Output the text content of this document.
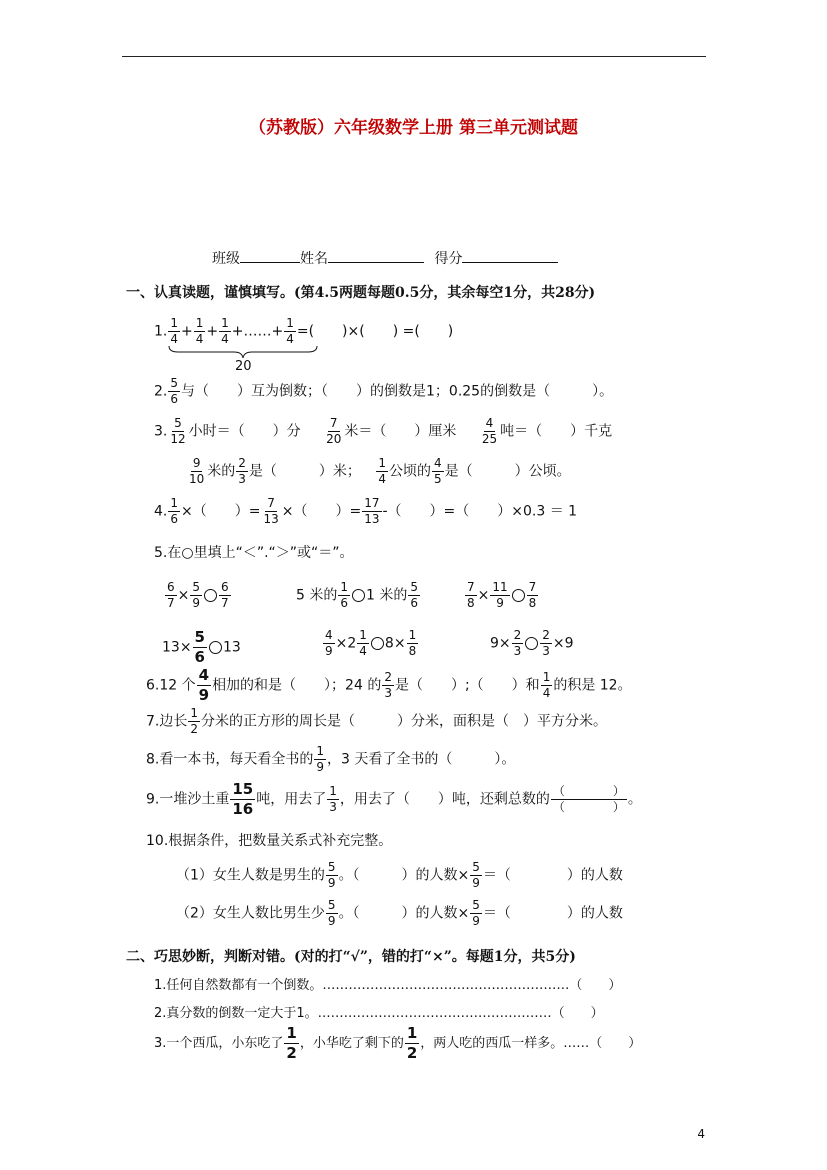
（苏教版）六年级数学上册 第三单元测试题
班级	姓名	得分
一、认真读题，谨慎填写。(第4.5两题每题0.5分，其余每空1分，共28分)
1. $\frac{1}{4} + \frac{1}{4} + \frac{1}{4}$ +……+ $\frac{1}{4}$ =(　　)×(　　) =(　　)
20
2. $\frac{5}{6}$ 与（　　）互为倒数；（　　）的倒数是1；0.25的倒数是（　　　）。
3. $\frac{5}{12}$ 小时＝（　　）分 $\frac{7}{20}$ 米＝（　　）厘米 $\frac{4}{25}$ 吨＝（　　）千克
$\frac{9}{10}$ 米的 $\frac{2}{3}$ 是（　　　）米； $\frac{1}{4}$ 公顷的 $\frac{4}{5}$ 是（　　　）公顷。
4. $\frac{1}{6}$ ×（　　）= $\frac{7}{13}$ ×（　　）= $\frac{17}{13}$ -（　　）=（　　）×0.3 ＝ 1
5.在○里填上“＜”.“＞”或“＝”。
$\frac{6}{7} \times \frac{5}{9} \frac{6}{7}$	5 米的 $\frac{1}{6} 1$ 米的 $\frac{5}{6}$	$\frac{7}{8} \times \frac{11}{9} \frac{7}{8}$
$13\times \frac{5}{6} 13$	$\frac{4}{9} \times 2 \frac{1}{4} 8\times \frac{1}{8}$	$9\times \frac{2}{3} \frac{2}{3} \times 9$
6.12 个 $\frac{4}{9}$ 相加的和是（　　）；24 的 $\frac{2}{3}$ 是（　　）;（　　）和 $\frac{1}{4}$ 的积是 12。
7.边长 $\frac{1}{2}$ 分米的正方形的周长是（　　　）分米，面积是（　）平方分米。
8.看一本书，每天看全书的 $\frac{1}{9}$ ，3 天看了全书的（　　　）。
9.一堆沙土重 $\frac{15}{16}$ 吨，用去了 $\frac{1}{3}$ ，用去了（　　）吨，还剩总数的 $\frac{( )}{( )}$ 。
10.根据条件，把数量关系式补充完整。
（1）女生人数是男生的 $\frac{5}{9}$ 。（　　　）的人数× $\frac{5}{9}$ ＝（　　　　）的人数
（2）女生人数比男生少 $\frac{5}{9}$ 。（　　　）的人数× $\frac{5}{9}$ ＝（　　　　）的人数
二、巧思妙断，判断对错。(对的打“√”，错的打“×”。每题1分，共5分)
1.任何自然数都有一个倒数。…………………………………………………（　　）
2.真分数的倒数一定大于1。………………………………………………（　　）
3.一个西瓜，小东吃了 $\frac{1}{2}$ ，小华吃了剩下的 $\frac{1}{2}$ ，两人吃的西瓜一样多。……（　　）
4
